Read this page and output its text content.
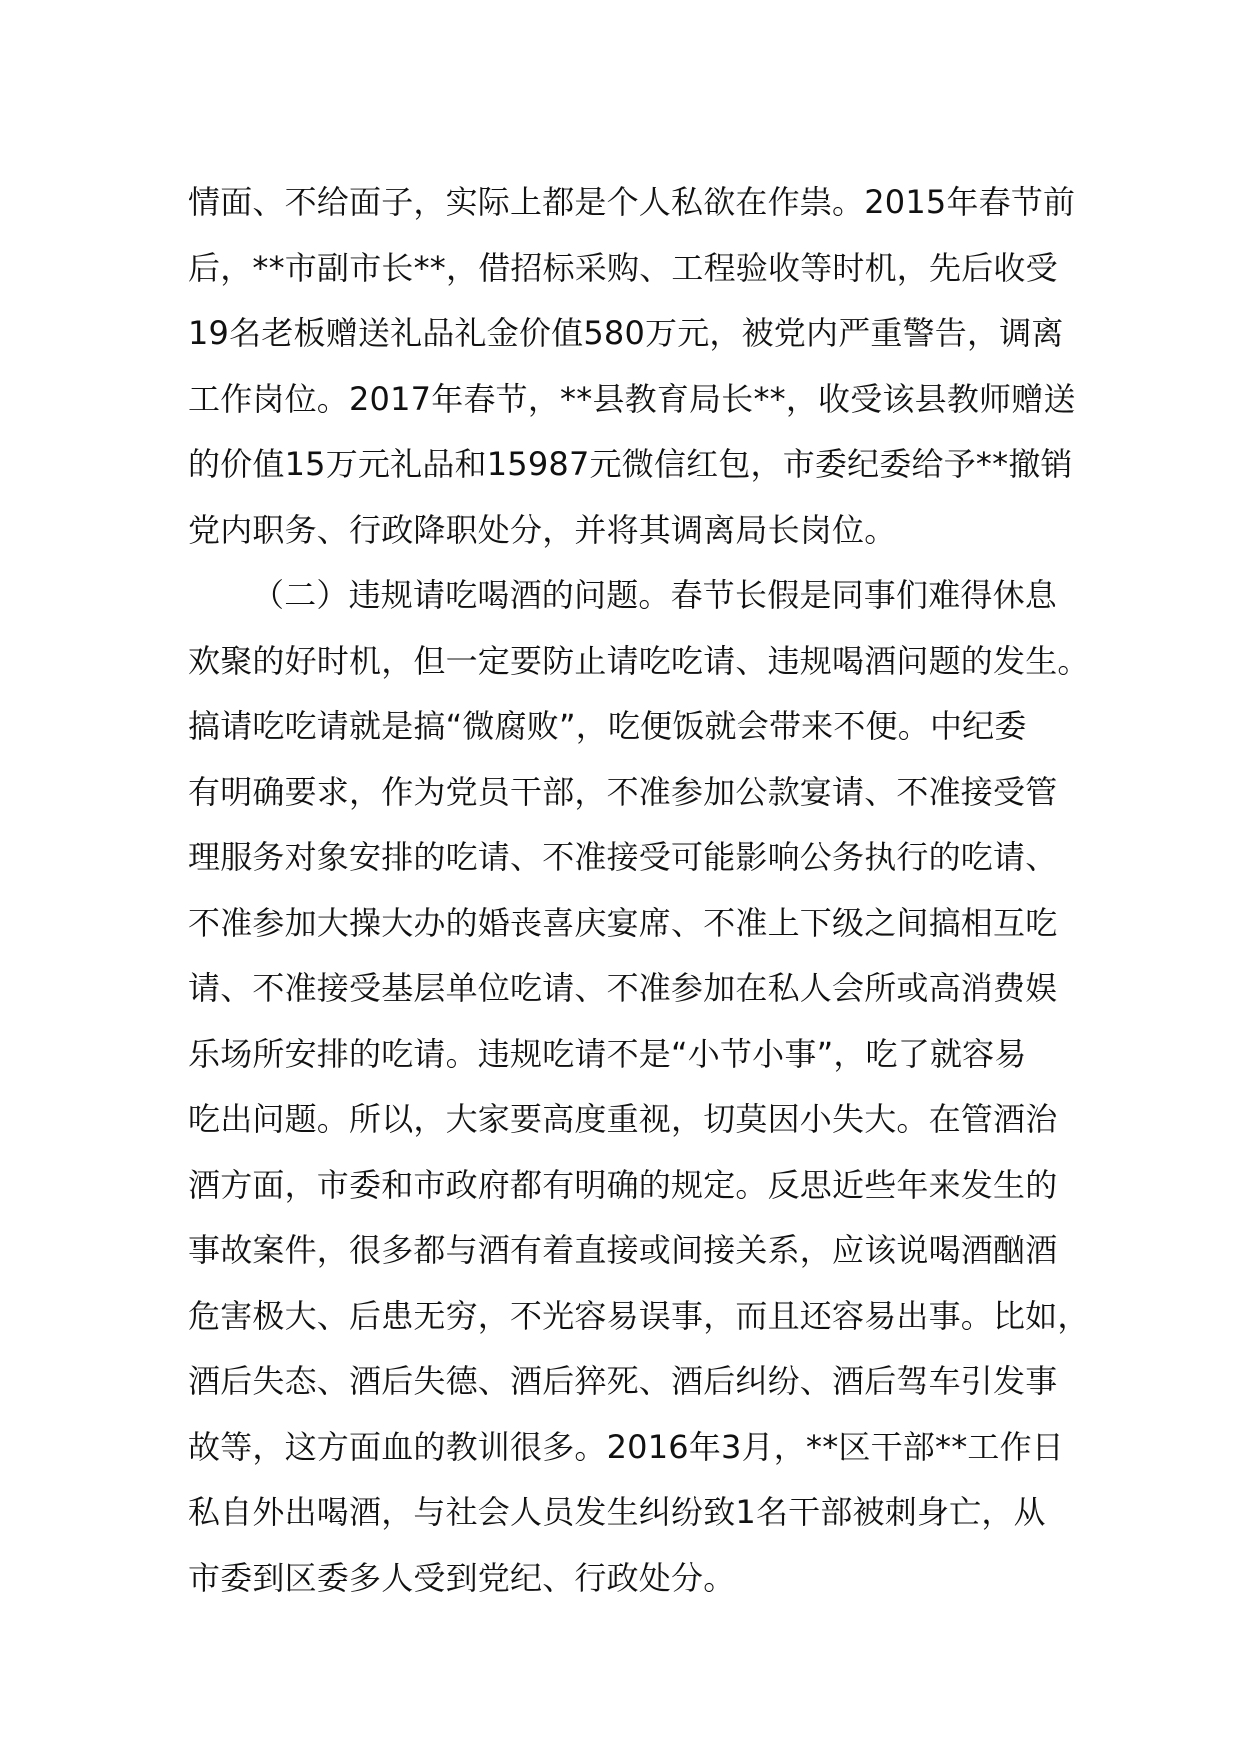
情面、不给面子，实际上都是个人私欲在作祟。2015年春节前
后，**市副市长**，借招标采购、工程验收等时机，先后收受
19名老板赠送礼品礼金价值580万元，被党内严重警告，调离
工作岗位。2017年春节，**县教育局长**，收受该县教师赠送
的价值15万元礼品和15987元微信红包，市委纪委给予**撤销
党内职务、行政降职处分，并将其调离局长岗位。
（二）违规请吃喝酒的问题。春节长假是同事们难得休息
欢聚的好时机，但一定要防止请吃吃请、违规喝酒问题的发生。
搞请吃吃请就是搞“微腐败”，吃便饭就会带来不便。中纪委
有明确要求，作为党员干部，不准参加公款宴请、不准接受管
理服务对象安排的吃请、不准接受可能影响公务执行的吃请、
不准参加大操大办的婚丧喜庆宴席、不准上下级之间搞相互吃
请、不准接受基层单位吃请、不准参加在私人会所或高消费娱
乐场所安排的吃请。违规吃请不是“小节小事”，吃了就容易
吃出问题。所以，大家要高度重视，切莫因小失大。在管酒治
酒方面，市委和市政府都有明确的规定。反思近些年来发生的
事故案件，很多都与酒有着直接或间接关系，应该说喝酒酗酒
危害极大、后患无穷，不光容易误事，而且还容易出事。比如，
酒后失态、酒后失德、酒后猝死、酒后纠纷、酒后驾车引发事
故等，这方面血的教训很多。2016年3月，**区干部**工作日
私自外出喝酒，与社会人员发生纠纷致1名干部被刺身亡，从
市委到区委多人受到党纪、行政处分。
